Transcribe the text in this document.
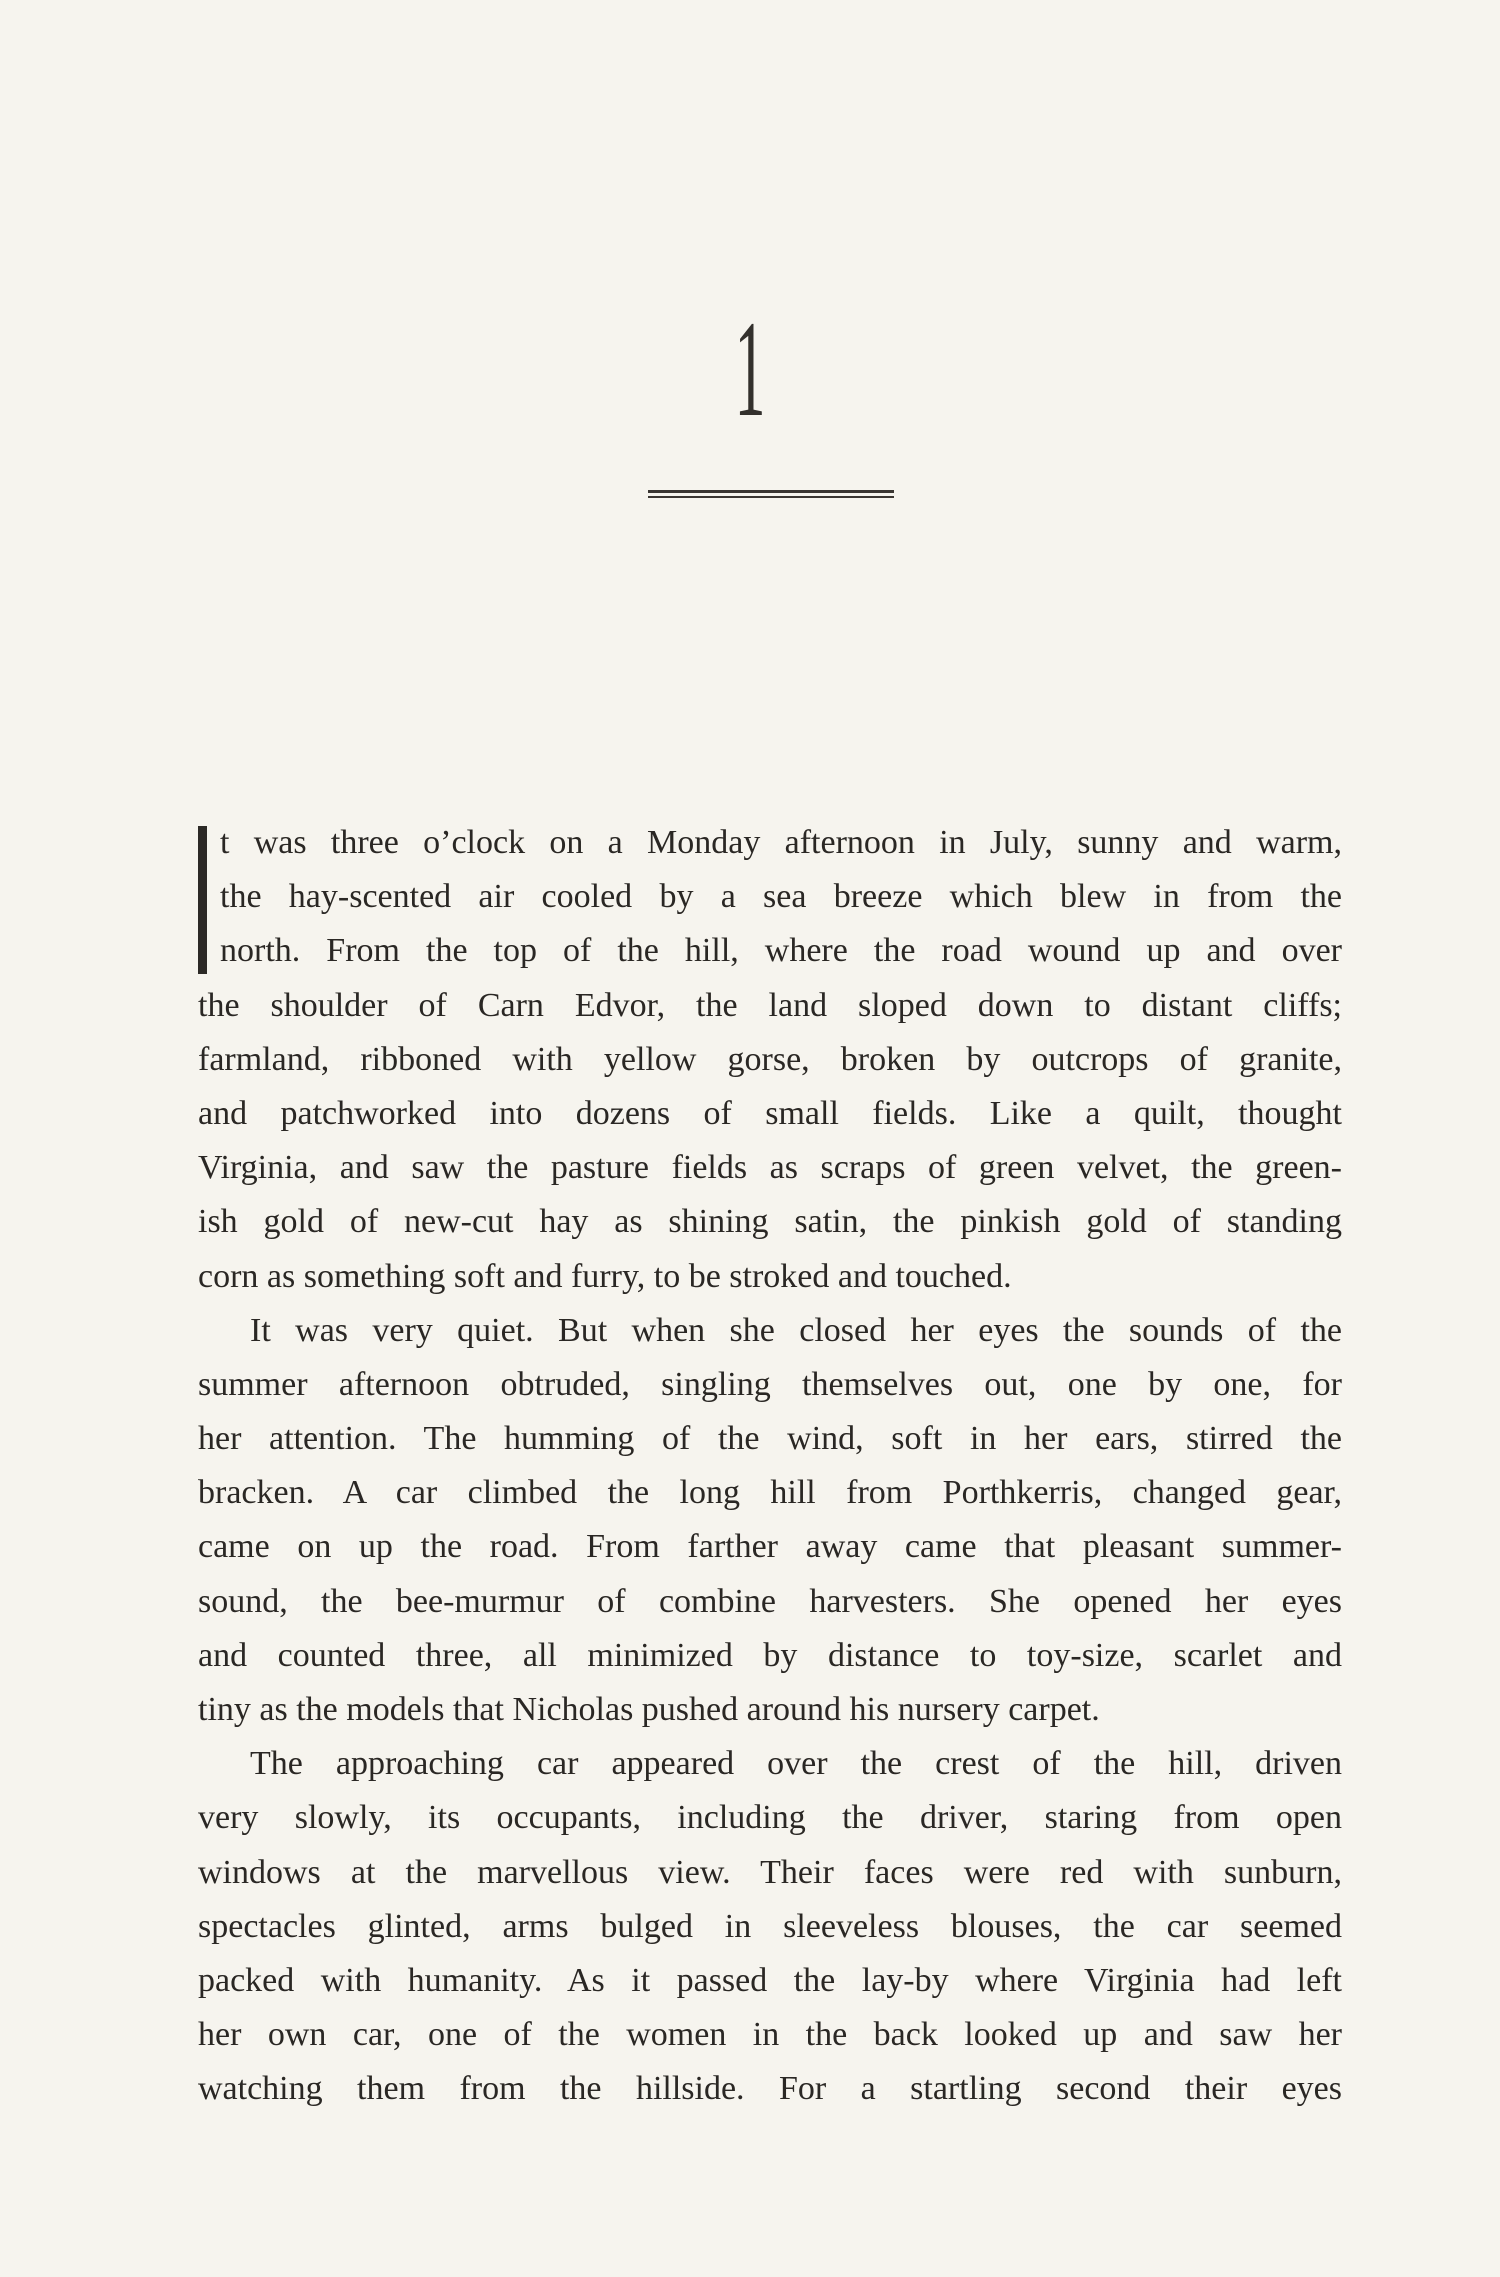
1
t was three o’clock on a Monday afternoon in July, sunny and warm,
the hay-scented air cooled by a sea breeze which blew in from the
north. From the top of the hill, where the road wound up and over
the shoulder of Carn Edvor, the land sloped down to distant cliffs;
farmland, ribboned with yellow gorse, broken by outcrops of granite,
and patchworked into dozens of small fields. Like a quilt, thought
Virginia, and saw the pasture fields as scraps of green velvet, the green-
ish gold of new-cut hay as shining satin, the pinkish gold of standing
corn as something soft and furry, to be stroked and touched.
It was very quiet. But when she closed her eyes the sounds of the
summer afternoon obtruded, singling themselves out, one by one, for
her attention. The humming of the wind, soft in her ears, stirred the
bracken. A car climbed the long hill from Porthkerris, changed gear,
came on up the road. From farther away came that pleasant summer-
sound, the bee-murmur of combine harvesters. She opened her eyes
and counted three, all minimized by distance to toy-size, scarlet and
tiny as the models that Nicholas pushed around his nursery carpet.
The approaching car appeared over the crest of the hill, driven
very slowly, its occupants, including the driver, staring from open
windows at the marvellous view. Their faces were red with sunburn,
spectacles glinted, arms bulged in sleeveless blouses, the car seemed
packed with humanity. As it passed the lay-by where Virginia had left
her own car, one of the women in the back looked up and saw her
watching them from the hillside. For a startling second their eyes
